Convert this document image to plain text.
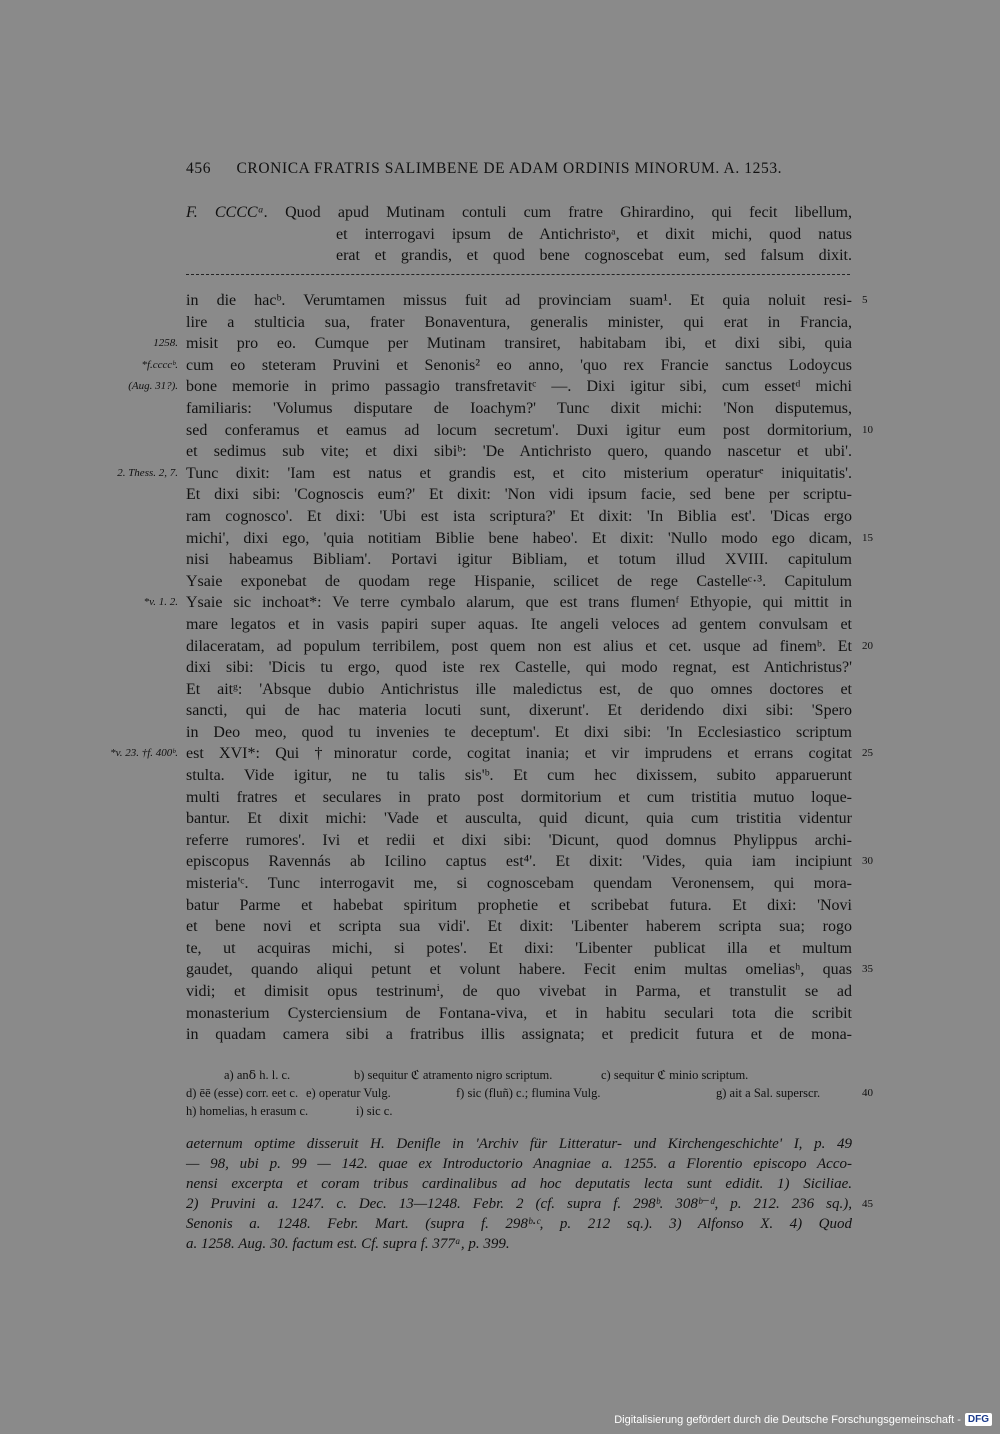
456 CRONICA FRATRIS SALIMBENE DE ADAM ORDINIS MINORUM. A. 1253.
F. CCCCᵃ. Quod apud Mutinam contuli cum fratre Ghirardino, qui fecit libellum,
et interrogavi ipsum de Antichristoᵃ, et dixit michi, quod natus
erat et grandis, et quod bene cognoscebat eum, sed falsum dixit.
in die hacᵇ. Verumtamen missus fuit ad provinciam suam¹. Et quia noluit resi- 5
lire a stulticia sua, frater Bonaventura, generalis minister, qui erat in Francia,
misit pro eo. Cumque per Mutinam transiret, habitabam ibi, et dixi sibi, quia
1258.
cum eo steteram Pruvini et Senonis² eo anno, 'quo rex Francie sanctus Lodoycus
*f.ccccᵇ.
bone memorie in primo passagio transfretavitᶜ —. Dixi igitur sibi, cum essetᵈ michi
(Aug. 31?).
familiaris: 'Volumus disputare de Ioachym?' Tunc dixit michi: 'Non disputemus,
sed conferamus et eamus ad locum secretum'. Duxi igitur eum post dormitorium, 10
et sedimus sub vite; et dixi sibiᵇ: 'De Antichristo quero, quando nascetur et ubi'.
Tunc dixit: 'Iam est natus et grandis est, et cito misterium operaturᵉ iniquitatis'.
2. Thess. 2, 7.
Et dixi sibi: 'Cognoscis eum?' Et dixit: 'Non vidi ipsum facie, sed bene per scriptu-
ram cognosco'. Et dixi: 'Ubi est ista scriptura?' Et dixit: 'In Biblia est'. 'Dicas ergo
michi', dixi ego, 'quia notitiam Biblie bene habeo'. Et dixit: 'Nullo modo ego dicam, 15
nisi habeamus Bibliam'. Portavi igitur Bibliam, et totum illud XVIII. capitulum
Ysaie exponebat de quodam rege Hispanie, scilicet de rege Castelleᶜ·³. Capitulum
Ysaie sic inchoat*: Ve terre cymbalo alarum, que est trans flumenᶠ Ethyopie, qui mittit in
*v. 1. 2.
mare legatos et in vasis papiri super aquas. Ite angeli veloces ad gentem convulsam et
dilaceratam, ad populum terribilem, post quem non est alius et cet. usque ad finemᵇ. Et 20
dixi sibi: 'Dicis tu ergo, quod iste rex Castelle, qui modo regnat, est Antichristus?'
Et aitᵍ: 'Absque dubio Antichristus ille maledictus est, de quo omnes doctores et
sancti, qui de hac materia locuti sunt, dixerunt'. Et deridendo dixi sibi: 'Spero
in Deo meo, quod tu invenies te deceptum'. Et dixi sibi: 'In Ecclesiastico scriptum
est XVI*: Qui †minoratur corde, cogitat inania; et vir imprudens et errans cogitat
*v. 23. †f. 400ᵇ.	25
stulta. Vide igitur, ne tu talis sis'ᵇ. Et cum hec dixissem, subito apparuerunt
multi fratres et seculares in prato post dormitorium et cum tristitia mutuo loque-
bantur. Et dixit michi: 'Vade et ausculta, quid dicunt, quia cum tristitia videntur
referre rumores'. Ivi et redii et dixi sibi: 'Dicunt, quod domnus Phylippus archi-
episcopus Ravennás ab Icilino captus est⁴'. Et dixit: 'Vides, quia iam incipiunt 30
misteria'ᶜ. Tunc interrogavit me, si cognoscebam quendam Veronensem, qui mora-
batur Parme et habebat spiritum prophetie et scribebat futura. Et dixi: 'Novi
et bene novi et scripta sua vidi'. Et dixit: 'Libenter haberem scripta sua; rogo
te, ut acquiras michi, si potes'. Et dixi: 'Libenter publicat illa et multum
gaudet, quando aliqui petunt et volunt habere. Fecit enim multas omeliasʰ, quas 35
vidi; et dimisit opus testrinumⁱ, de quo vivebat in Parma, et transtulit se ad
monasterium Cysterciensium de Fontana-viva, et in habitu seculari tota die scribit
in quadam camera sibi a fratribus illis assignata; et predicit futura et de mona-
a) anẟ h. l. c.	b) sequitur ℭ atramento nigro scriptum.	c) sequitur ℭ minio scriptum.
d) ēē (esse) corr. eet c. e) operatur Vulg.	f) sic (fluñ) c.; flumina Vulg.	g) ait a Sal. superscr.	40
h) homelias, h erasum c.	i) sic c.
aeternum optime disseruit H. Denifle in 'Archiv für Litteratur- und Kirchengeschichte' I, p. 49
— 98, ubi p. 99 — 142. quae ex Introductorio Anagniae a. 1255. a Florentio episcopo Acco-
nensi excerpta et coram tribus cardinalibus ad hoc deputatis lecta sunt edidit. 1) Siciliae.
2) Pruvini a. 1247. c. Dec. 13—1248. Febr. 2 (cf. supra f. 298ᵇ. 308ᵇ⁻ᵈ, p. 212. 236 sq.), 45
Senonis a. 1248. Febr. Mart. (supra f. 298ᵇ·ᶜ, p. 212 sq.). 3) Alfonso X. 4) Quod
a. 1258. Aug. 30. factum est. Cf. supra f. 377ᵃ, p. 399.
Digitalisierung gefördert durch die Deutsche Forschungsgemeinschaft - DFG
